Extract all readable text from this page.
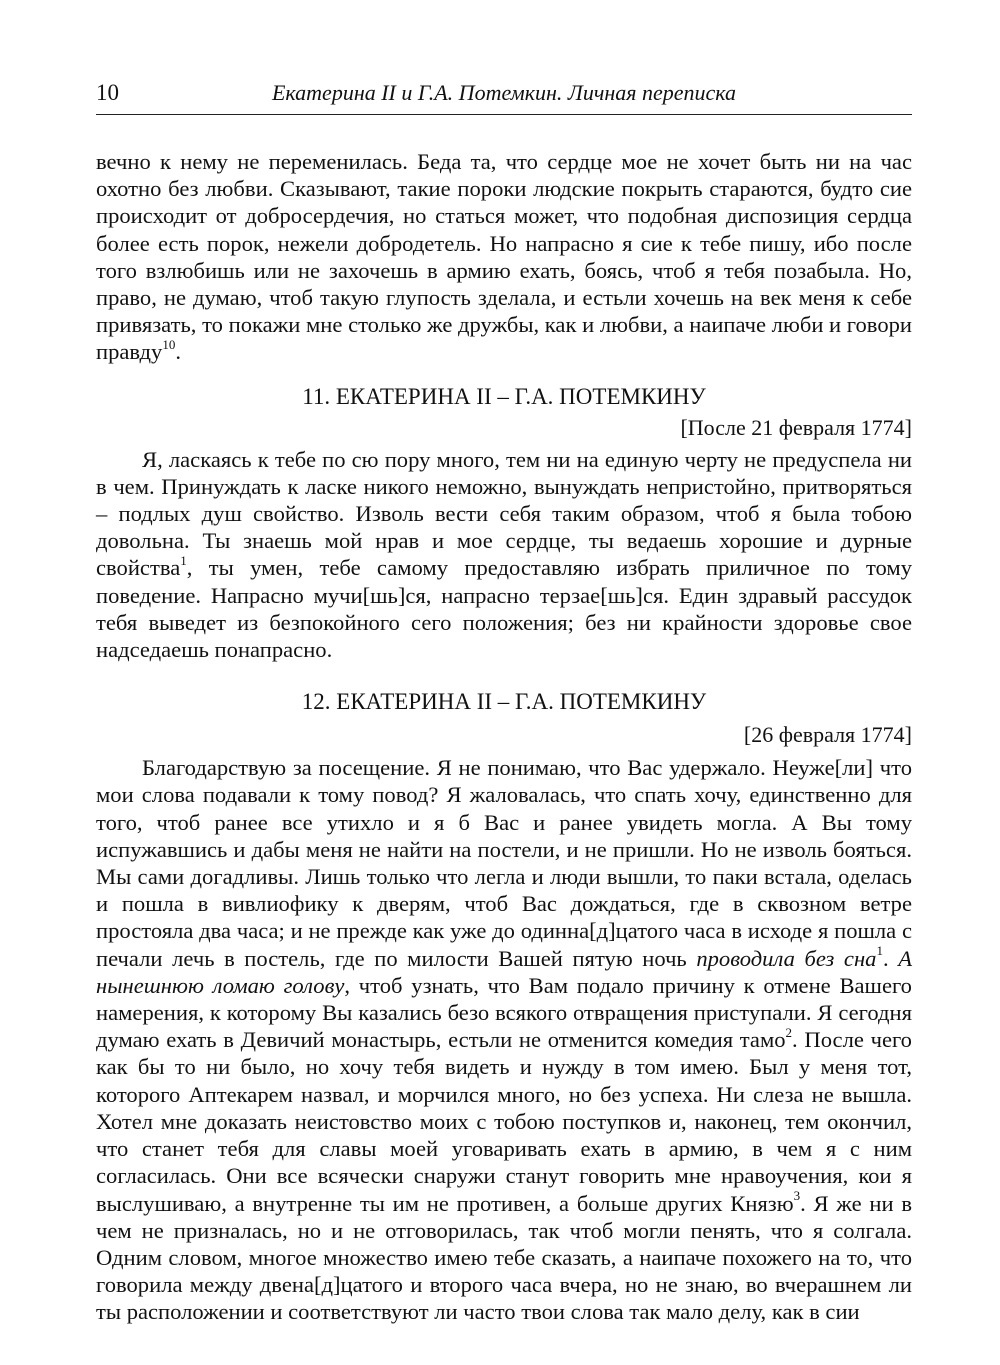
10	Екатерина II и Г.А. Потемкин. Личная переписка

вечно к нему не переменилась. Беда та, что сердце мое не хочет быть ни на час охотно без любви. Сказывают, такие пороки людские покрыть стараются, будто сие происходит от добросердечия, но статься может, что подобная диспозиция сердца более есть порок, нежели добродетель. Но напрасно я сие к тебе пишу, ибо после того взлюбишь или не захочешь в армию ехать, боясь, чтоб я тебя позабыла. Но, право, не думаю, чтоб такую глупость зделала, и естьли хочешь на век меня к себе привязать, то покажи мне столько же дружбы, как и любви, а наипаче люби и говори правду$^{10}$.

11. ЕКАТЕРИНА II – Г.А. ПОТЕМКИНУ

[После 21 февраля 1774]

Я, ласкаясь к тебе по сю пору много, тем ни на единую черту не предуспела ни в чем. Принуждать к ласке никого неможно, вынуждать непристойно, притворяться – подлых душ свойство. Изволь вести себя таким образом, чтоб я была тобою довольна. Ты знаешь мой нрав и мое сердце, ты ведаешь хорошие и дурные свойства$^1$, ты умен, тебе самому предоставляю избрать приличное по тому поведение. Напрасно мучи[шь]ся, напрасно терзае[шь]ся. Един здравый рассудок тебя выведет из безпокойного сего положения; без ни крайности здоровье свое надседаешь понапрасно.

12. ЕКАТЕРИНА II – Г.А. ПОТЕМКИНУ

[26 февраля 1774]

Благодарствую за посещение. Я не понимаю, что Вас удержало. Неуже[ли] что мои слова подавали к тому повод? Я жаловалась, что спать хочу, единственно для того, чтоб ранее все утихло и я б Вас и ранее увидеть могла. А Вы тому испужавшись и дабы меня не найти на постели, и не пришли. Но не изволь бояться. Мы сами догадливы. Лишь только что легла и люди вышли, то паки встала, оделась и пошла в вивлиофику к дверям, чтоб Вас дождаться, где в сквозном ветре простояла два часа; и не прежде как уже до одинна[д]цатого часа в исходе я пошла с печали лечь в постель, где по милости Вашей пятую ночь проводила без сна$^1$. А нынешнюю ломаю голову, чтоб узнать, что Вам подало причину к отмене Вашего намерения, к которому Вы казались безо всякого отвращения приступали. Я сегодня думаю ехать в Девичий монастырь, естьли не отменится комедия тамо$^2$. После чего как бы то ни было, но хочу тебя видеть и нужду в том имею. Был у меня тот, которого Аптекарем назвал, и морчился много, но без успеха. Ни слеза не вышла. Хотел мне доказать неистовство моих с тобою поступков и, наконец, тем окончил, что станет тебя для славы моей уговаривать ехать в армию, в чем я с ним согласилась. Они все всячески снаружи станут говорить мне нравоучения, кои я выслушиваю, а внутренне ты им не противен, а больше других Князю$^3$. Я же ни в чем не призналась, но и не отговорилась, так чтоб могли пенять, что я солгала. Одним словом, многое множество имею тебе сказать, а наипаче похожего на то, что говорила между двена[д]цатого и второго часа вчера, но не знаю, во вчерашнем ли ты расположении и соответствуют ли часто твои слова так мало делу, как в сии
